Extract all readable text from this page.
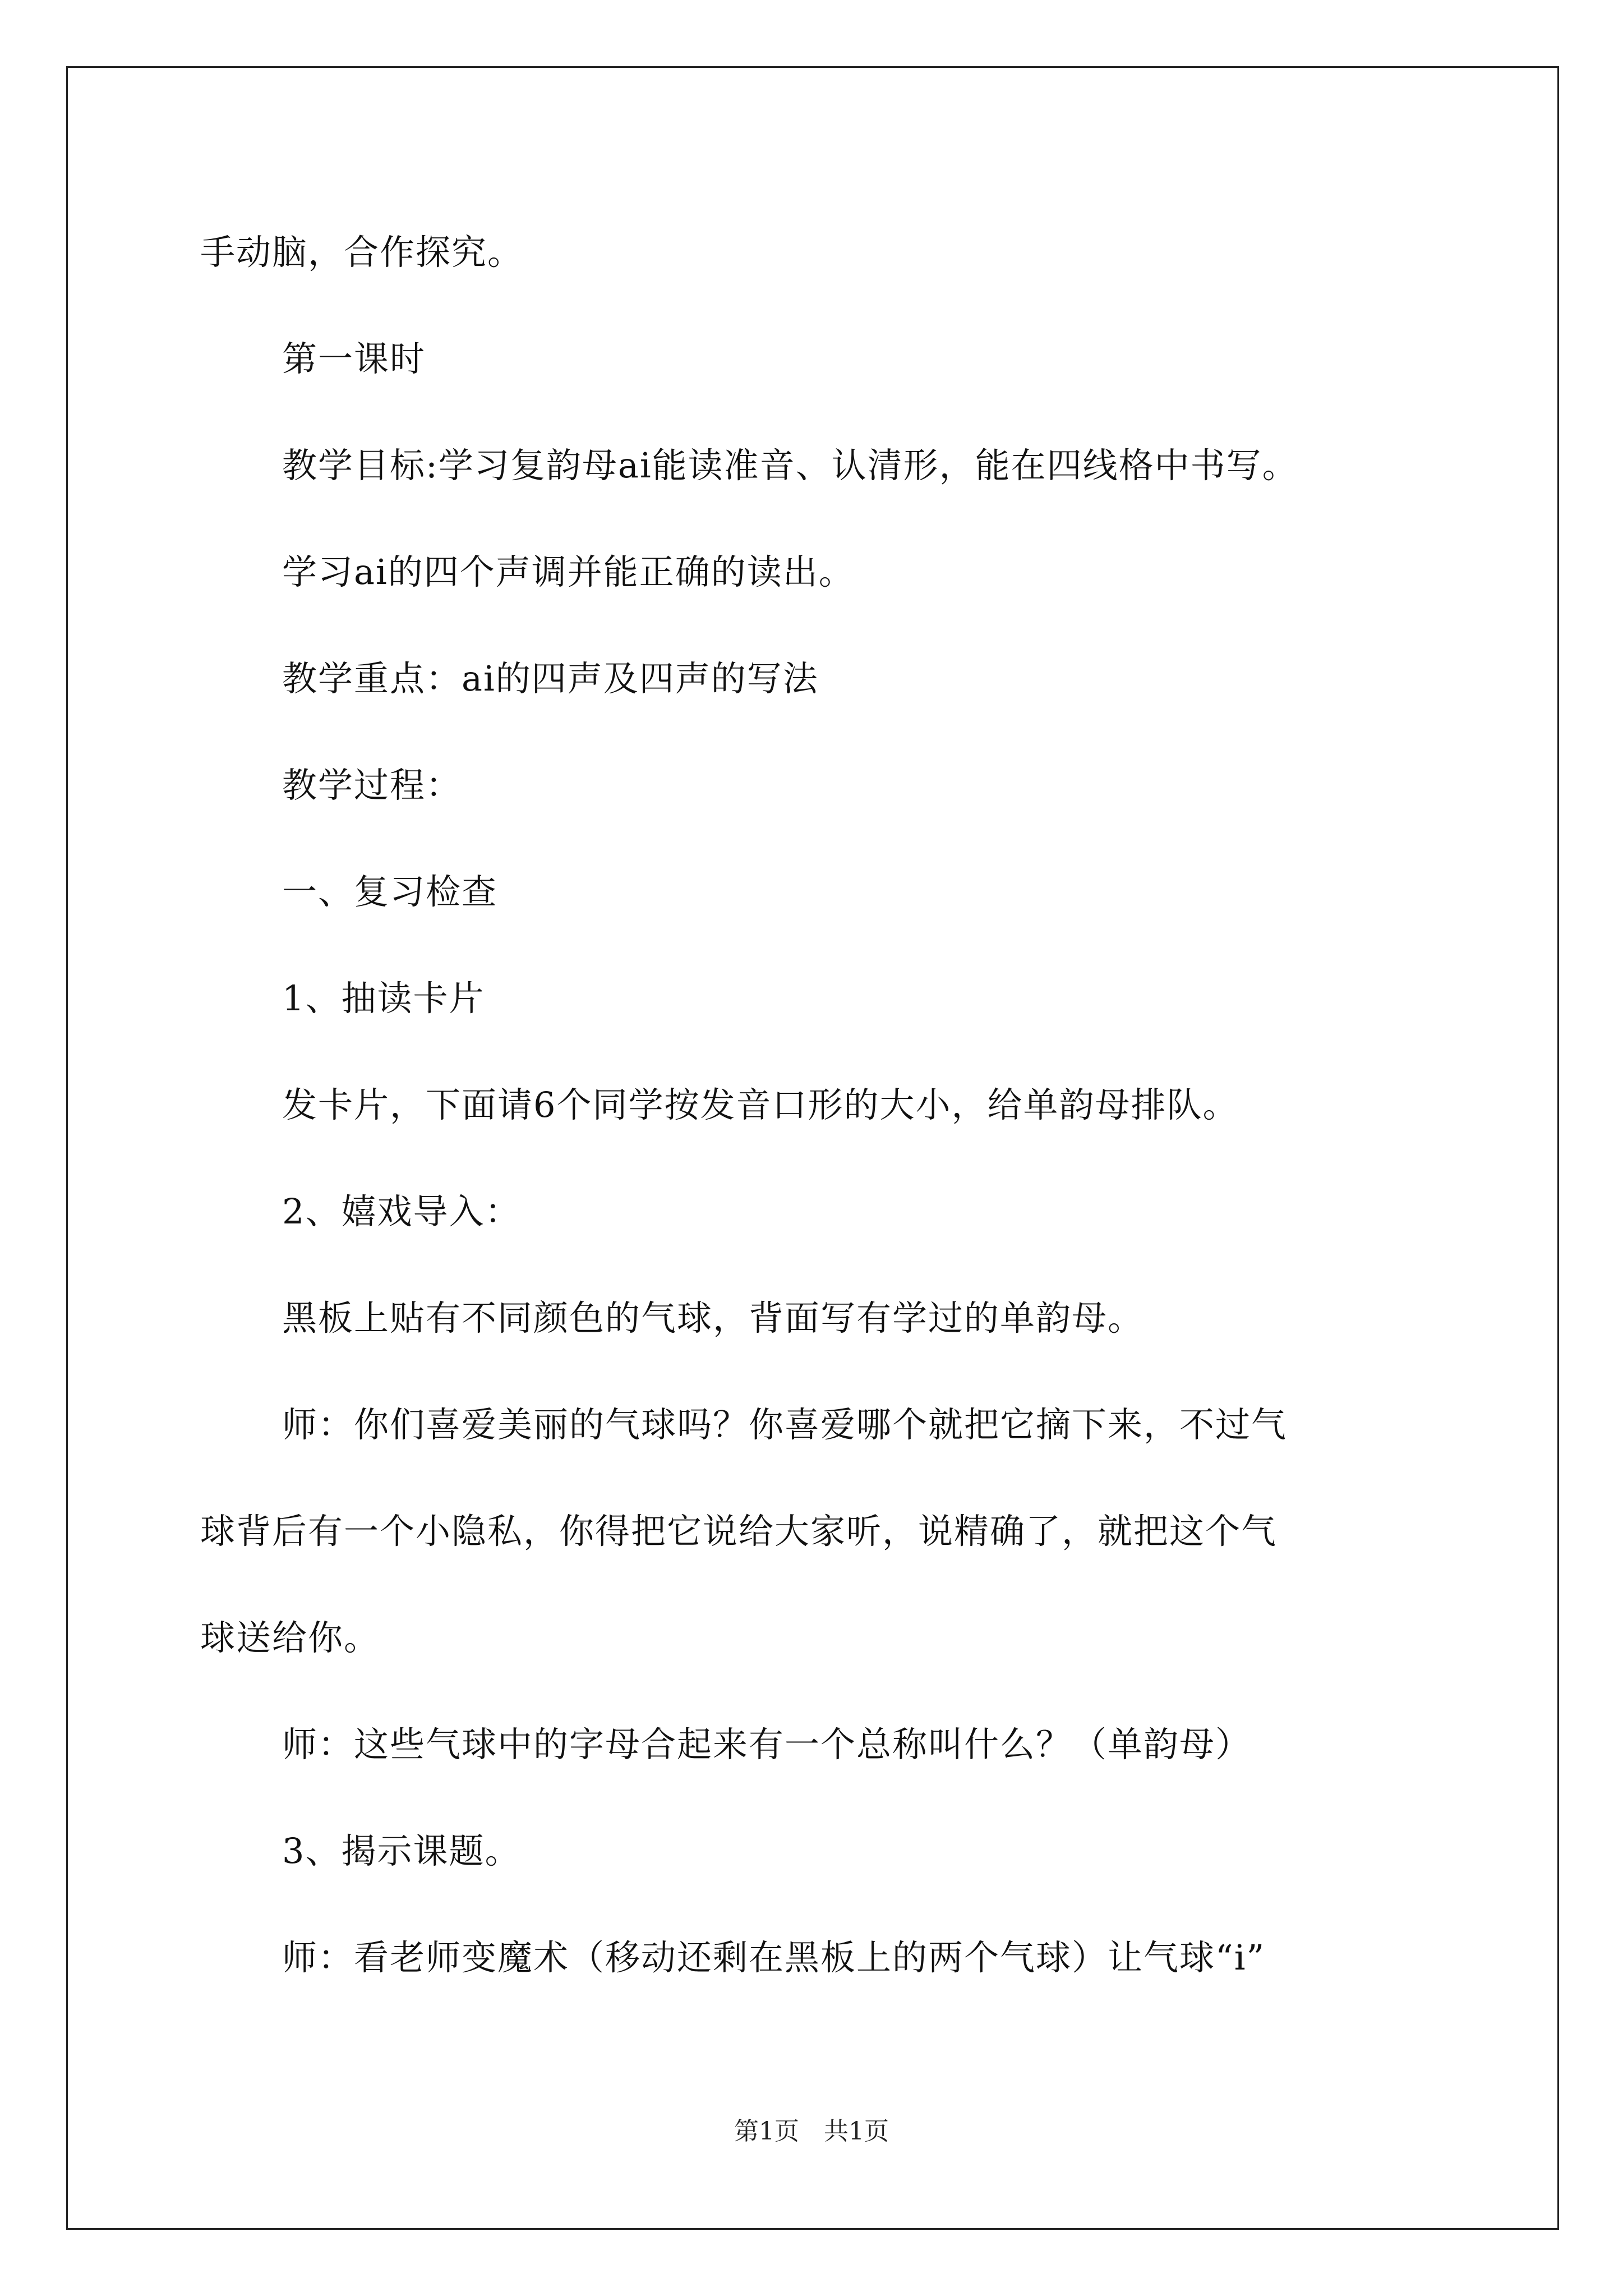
手动脑，合作探究。
第一课时
教学目标:学习复韵母ai能读准音、认清形，能在四线格中书写。
学习ai的四个声调并能正确的读出。
教学重点：ai的四声及四声的写法
教学过程：
一、复习检查
1、抽读卡片
发卡片，下面请6个同学按发音口形的大小，给单韵母排队。
2、嬉戏导入：
黑板上贴有不同颜色的气球，背面写有学过的单韵母。
师：你们喜爱美丽的气球吗？你喜爱哪个就把它摘下来，不过气
球背后有一个小隐私，你得把它说给大家听，说精确了，就把这个气
球送给你。
师：这些气球中的字母合起来有一个总称叫什么？（单韵母）
3、揭示课题。
师：看老师变魔术（移动还剩在黑板上的两个气球）让气球“i”
第1页　共1页
